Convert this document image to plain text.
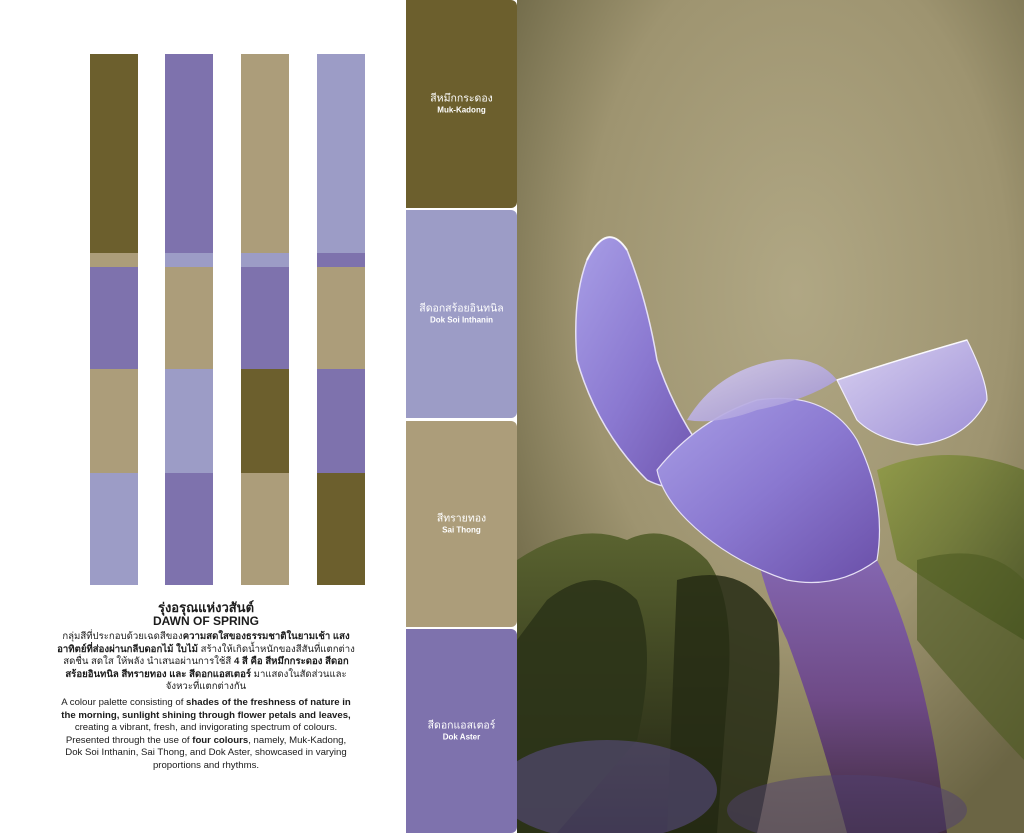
รุ่งอรุณแห่งวสันต์
DAWN OF SPRING

กลุ่มสีที่ประกอบด้วยเฉดสีของความสดใสของธรรมชาติในยามเช้า แสงอาทิตย์ที่ส่องผ่านกลีบดอกไม้ ใบไม้ สร้างให้เกิดน้ำหนักของสีสันที่แตกต่าง สดชื่น สดใส ให้พลัง นำเสนอผ่านการใช้สี 4 สี คือ สีหมึกกระดอง สีดอกสร้อยอินทนิล สีทรายทอง และ สีดอกแอสเตอร์ มาแสดงในสัดส่วนและจังหวะที่แตกต่างกัน

A colour palette consisting of shades of the freshness of nature in the morning, sunlight shining through flower petals and leaves, creating a vibrant, fresh, and invigorating spectrum of colours. Presented through the use of four colours, namely, Muk-Kadong, Dok Soi Inthanin, Sai Thong, and Dok Aster, showcased in varying proportions and rhythms.

สีหมึกกระดอง
Muk-Kadong
สีดอกสร้อยอินทนิล
Dok Soi Inthanin
สีทรายทอง
Sai Thong
สีดอกแอสเตอร์
Dok Aster
